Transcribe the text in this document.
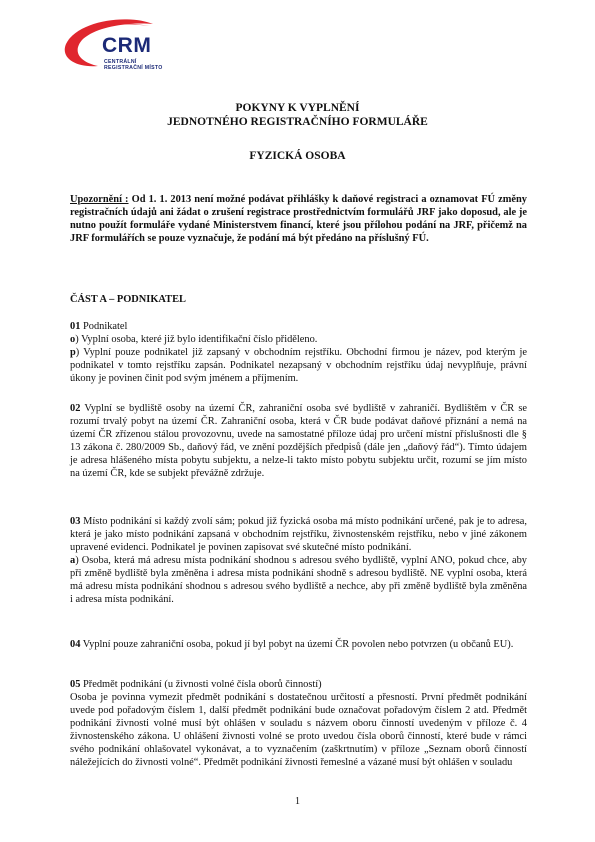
CRM
CENTRÁLNÍ
REGISTRAČNÍ MÍSTO
POKYNY K VYPLNĚNÍ
JEDNOTNÉHO REGISTRAČNÍHO FORMULÁŘE
FYZICKÁ OSOBA

Upozornění : Od 1. 1. 2013 není možné podávat přihlášky k daňové registraci a oznamovat FÚ změny registračních údajů ani žádat o zrušení registrace prostřednictvím formulářů JRF jako doposud, ale je nutno použít formuláře vydané Ministerstvem financí, které jsou přílohou podání na JRF, přičemž na JRF formulářích se pouze vyznačuje, že podání má být předáno na příslušný FÚ.

ČÁST A – PODNIKATEL

01 Podnikatel

o) Vyplní osoba, které již bylo identifikační číslo přiděleno.

p) Vyplní pouze podnikatel již zapsaný v obchodním rejstříku. Obchodní firmou je název, pod kterým je podnikatel v tomto rejstříku zapsán. Podnikatel nezapsaný v obchodním rejstříku údaj nevyplňuje, právní úkony je povinen činit pod svým jménem a příjmením.

02 Vyplní se bydliště osoby na území ČR, zahraniční osoba své bydliště v zahraničí. Bydlištěm v ČR se rozumí trvalý pobyt na území ČR. Zahraniční osoba, která v ČR bude podávat daňové přiznání a nemá na území ČR zřízenou stálou provozovnu, uvede na samostatné příloze údaj pro určení místní příslušnosti dle § 13 zákona č. 280/2009 Sb., daňový řád, ve znění pozdějších předpisů (dále jen „daňový řád“). Tímto údajem je adresa hlášeného místa pobytu subjektu, a nelze-li takto místo pobytu subjektu určit, rozumí se jím místo na území ČR, kde se subjekt převážně zdržuje.

03 Místo podnikání si každý zvolí sám; pokud již fyzická osoba má místo podnikání určené, pak je to adresa, která je jako místo podnikání zapsaná v obchodním rejstříku, živnostenském rejstříku, nebo v jiné zákonem upravené evidenci. Podnikatel je povinen zapisovat své skutečné místo podnikání.

a) Osoba, která má adresu místa podnikání shodnou s adresou svého bydliště, vyplní ANO, pokud chce, aby při změně bydliště byla změněna i adresa místa podnikání shodně s adresou bydliště. NE vyplní osoba, která má adresu místa podnikání shodnou s adresou svého bydliště a nechce, aby při změně bydliště byla změněna i adresa místa podnikání.

04 Vyplní pouze zahraniční osoba, pokud jí byl pobyt na území ČR povolen nebo potvrzen (u občanů EU).

05 Předmět podnikání (u živnosti volné čísla oborů činností)

Osoba je povinna vymezit předmět podnikání s dostatečnou určitostí a přesností. První předmět podnikání uvede pod pořadovým číslem 1, další předmět podnikání bude označovat pořadovým číslem 2 atd. Předmět podnikání živnosti volné musí být ohlášen v souladu s názvem oboru činností uvedeným v příloze č. 4 živnostenského zákona. U ohlášení živnosti volné se proto uvedou čísla oborů činností, které bude v rámci svého podnikání ohlašovatel vykonávat, a to vyznačením (zaškrtnutím) v příloze „Seznam oborů činností náležejících do živnosti volné“. Předmět podnikání živnosti řemeslné a vázané musí být ohlášen v souladu

1
